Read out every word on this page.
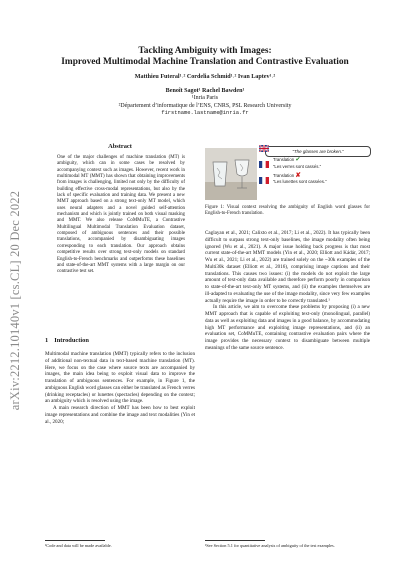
arXiv:2212.10140v1 [cs.CL] 20 Dec 2022
Tackling Ambiguity with Images:
Improved Multimodal Machine Translation and Contrastive Evaluation
Matthieu Futeral¹˒² Cordelia Schmid¹˒² Ivan Laptev¹˒²
Benoît Sagot¹ Rachel Bawden¹
¹Inria Paris
²Département d’informatique de l’ENS, CNRS, PSL Research University
firstname.lastname@inria.fr
Abstract
One of the major challenges of machine translation (MT) is ambiguity, which can in some cases be resolved by accompanying context such as images. However, recent work in multimodal MT (MMT) has shown that obtaining improvements from images is challenging, limited not only by the difficulty of building effective cross-modal representations, but also by the lack of specific evaluation and training data. We present a new MMT approach based on a strong text-only MT model, which uses neural adapters and a novel guided self-attention mechanism and which is jointly trained on both visual masking and MMT. We also release CoMMuTE, a Contrastive Multilingual Multimodal Translation Evaluation dataset, composed of ambiguous sentences and their possible translations, accompanied by disambiguating images corresponding to each translation. Our approach obtains competitive results over strong text-only models on standard English-to-French benchmarks and outperforms these baselines and state-of-the-art MMT systems with a large margin on our contrastive test set.
1 Introduction

Multimodal machine translation (MMT) typically refers to the inclusion of additional non-textual data in text-based machine translation (MT). Here, we focus on the case where source texts are accompanied by images, the main idea being to exploit visual data to improve the translation of ambiguous sentences. For example, in Figure 1, the ambiguous English word glasses can either be translated as French verres (drinking receptacles) or lunettes (spectacles) depending on the context; an ambiguity which is resolved using the image.

A main research direction of MMT has been how to best exploit image representations and combine the image and text modalities (Yin et al., 2020;

¹Code and data will be made available.
“The glasses are broken.”
Translation ✔
“Les verres sont cassés.”
Translation ✘
“Les lunettes sont cassées.”
Figure 1: Visual context resolving the ambiguity of English word glasses for English-to-French translation.

Caglayan et al., 2021; Calixto et al., 2017; Li et al., 2022). It has typically been difficult to surpass strong text-only baselines, the image modality often being ignored (Wu et al., 2021). A major issue holding back progress is that most current state-of-the-art MMT models (Yin et al., 2020; Elliott and Kádár, 2017; Wu et al., 2021; Li et al., 2022) are trained solely on the ~30k examples of the Multi30k dataset (Elliott et al., 2016), comprising image captions and their translations. This causes two issues: (i) the models do not exploit the large amount of text-only data available and therefore perform poorly in comparison to state-of-the-art text-only MT systems, and (ii) the examples themselves are ill-adapted to evaluating the use of the image modality, since very few examples actually require the image in order to be correctly translated.¹

In this article, we aim to overcome these problems by proposing (i) a new MMT approach that is capable of exploiting text-only (monolingual, parallel) data as well as exploiting data and images in a good balance, by accommodating high MT performance and exploiting image representations, and (ii) an evaluation set, CoMMuTE, containing contrastive evaluation pairs where the image provides the necessary context to disambiguate between multiple meanings of the same source sentence.

¹See Section 5.1 for quantitative analysis of ambiguity of the test examples.
